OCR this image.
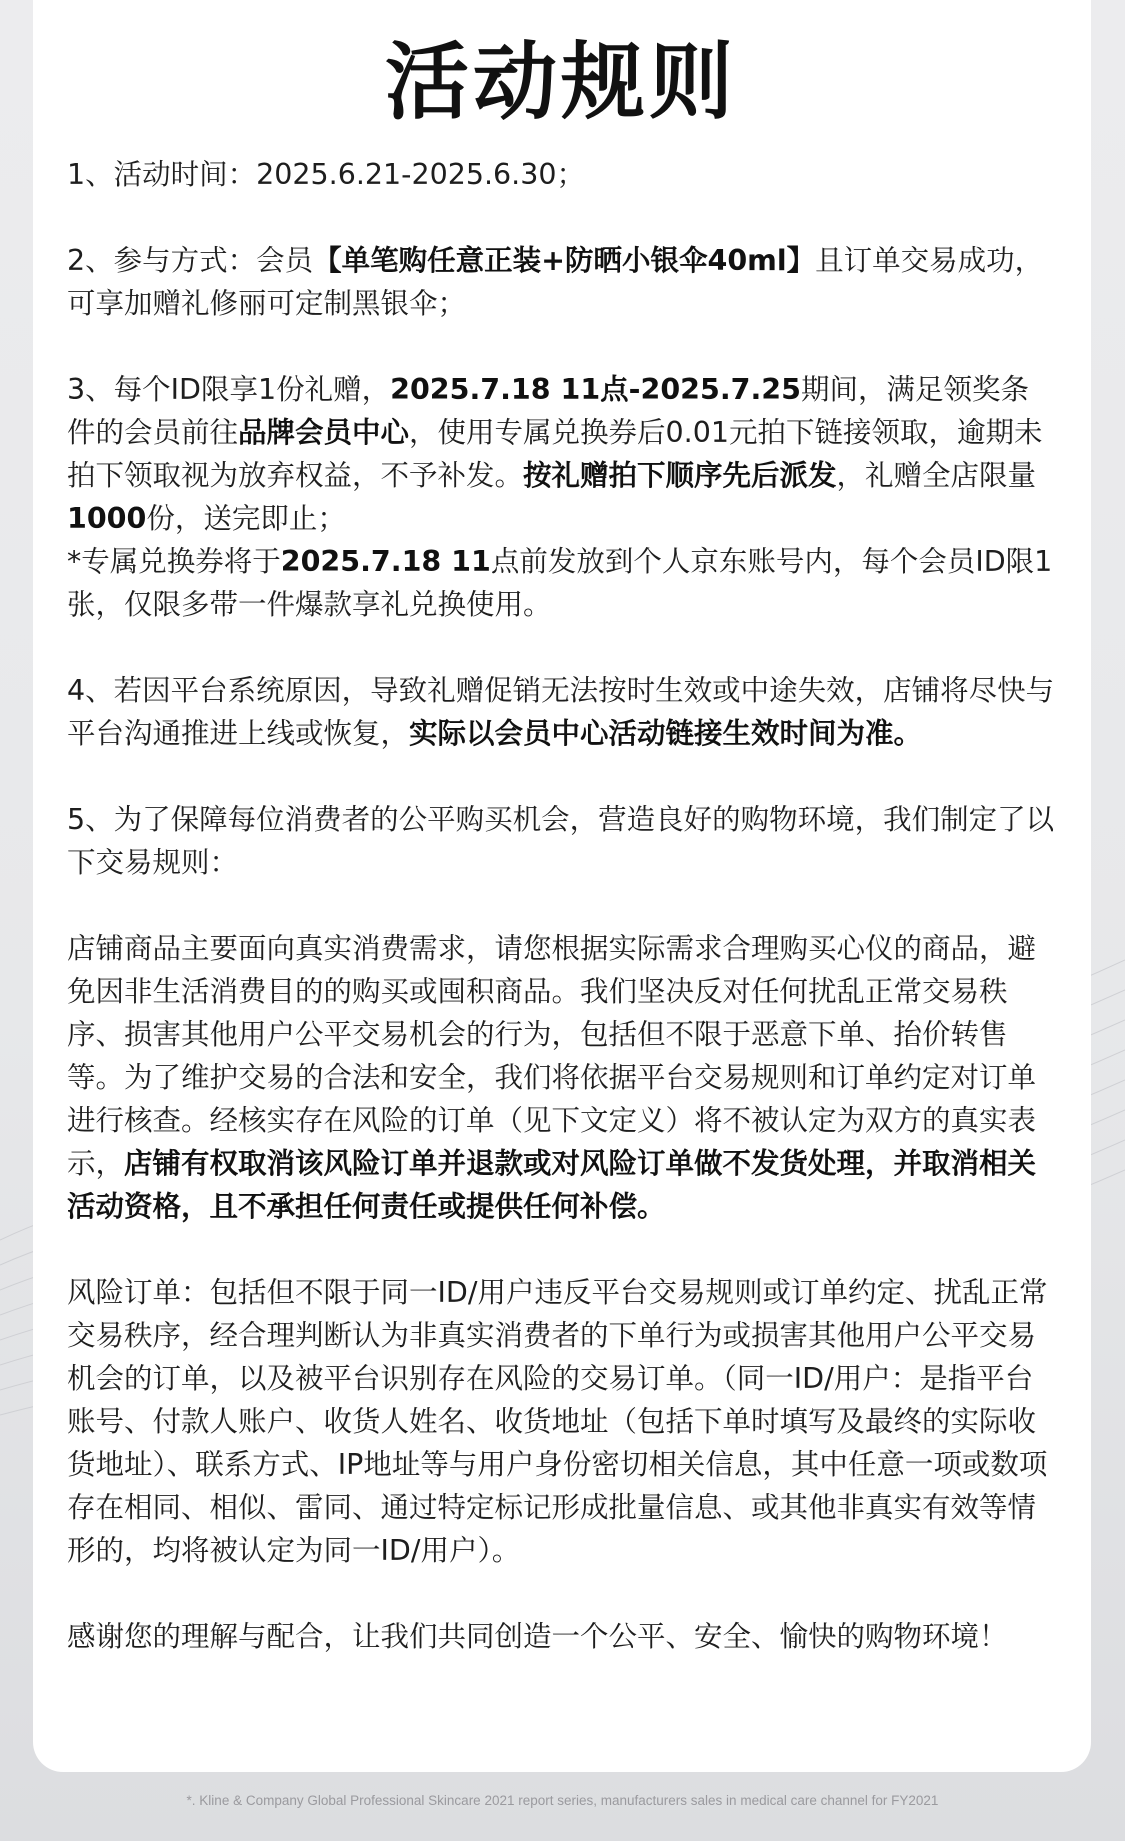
活动规则

1、活动时间：2025.6.21-2025.6.30；

2、参与方式：会员【单笔购任意正装+防晒小银伞40ml】且订单交易成功，可享加赠礼修丽可定制黑银伞；

3、每个ID限享1份礼赠，2025.7.18 11点-2025.7.25期间，满足领奖条件的会员前往品牌会员中心，使用专属兑换券后0.01元拍下链接领取，逾期未拍下领取视为放弃权益，不予补发。按礼赠拍下顺序先后派发，礼赠全店限量1000份，送完即止；

*专属兑换券将于2025.7.18 11点前发放到个人京东账号内，每个会员ID限1张，仅限多带一件爆款享礼兑换使用。

4、若因平台系统原因，导致礼赠促销无法按时生效或中途失效，店铺将尽快与平台沟通推进上线或恢复，实际以会员中心活动链接生效时间为准。

5、为了保障每位消费者的公平购买机会，营造良好的购物环境，我们制定了以下交易规则：

店铺商品主要面向真实消费需求，请您根据实际需求合理购买心仪的商品，避免因非生活消费目的的购买或囤积商品。我们坚决反对任何扰乱正常交易秩序、损害其他用户公平交易机会的行为，包括但不限于恶意下单、抬价转售等。为了维护交易的合法和安全，我们将依据平台交易规则和订单约定对订单进行核查。经核实存在风险的订单（见下文定义）将不被认定为双方的真实表示，店铺有权取消该风险订单并退款或对风险订单做不发货处理，并取消相关活动资格，且不承担任何责任或提供任何补偿。

风险订单：包括但不限于同一ID/用户违反平台交易规则或订单约定、扰乱正常交易秩序，经合理判断认为非真实消费者的下单行为或损害其他用户公平交易机会的订单，以及被平台识别存在风险的交易订单。（同一ID/用户：是指平台账号、付款人账户、收货人姓名、收货地址（包括下单时填写及最终的实际收货地址）、联系方式、IP地址等与用户身份密切相关信息，其中任意一项或数项存在相同、相似、雷同、通过特定标记形成批量信息、或其他非真实有效等情形的，均将被认定为同一ID/用户）。

感谢您的理解与配合，让我们共同创造一个公平、安全、愉快的购物环境！

*. Kline & Company Global Professional Skincare 2021 report series, manufacturers sales in medical care channel for FY2021
